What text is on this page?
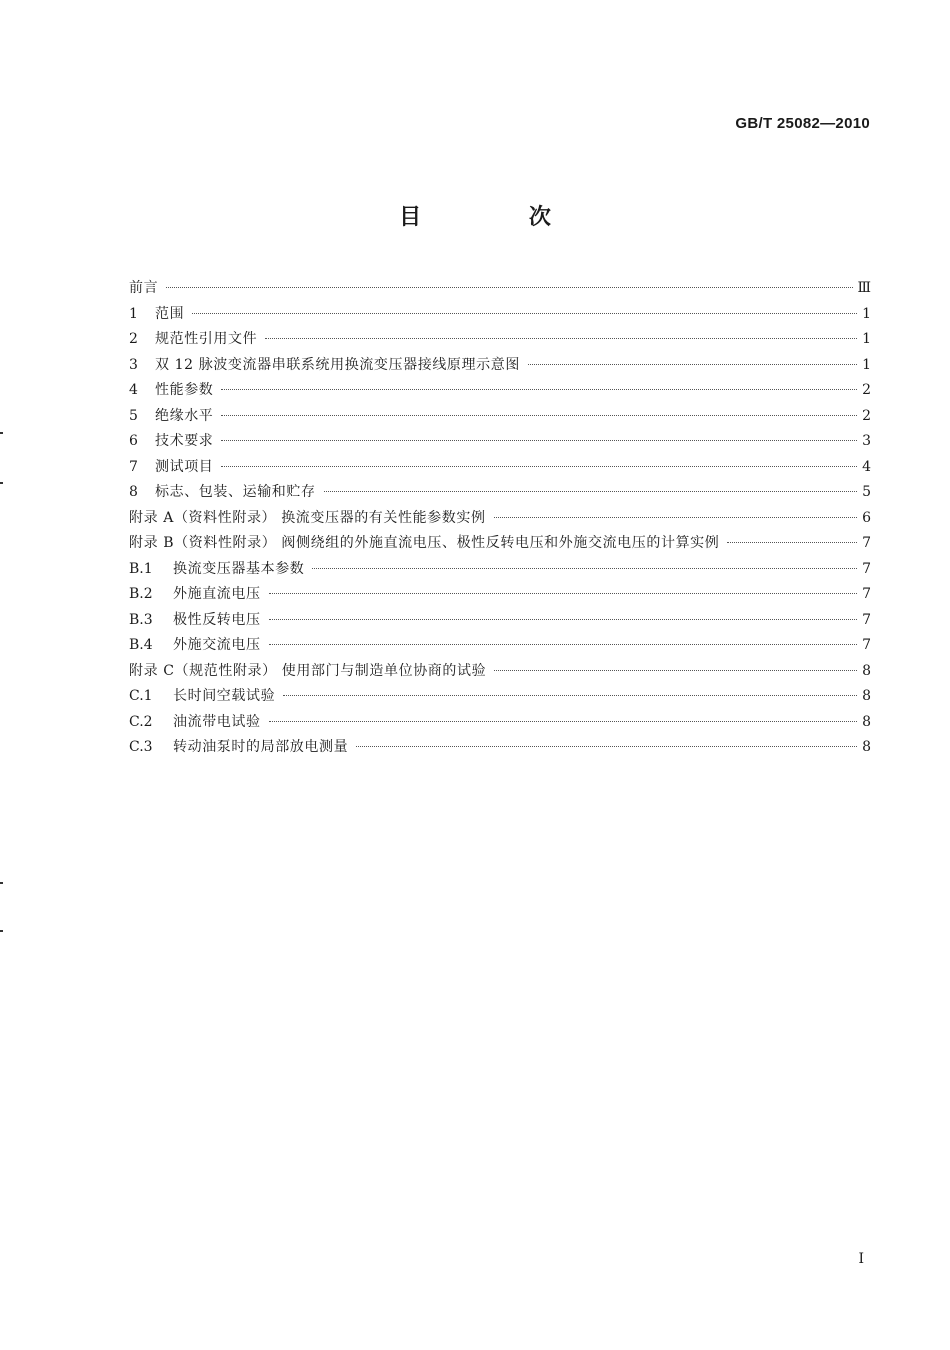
GB/T 25082—2010
目 次
前言	Ⅲ
1	范围	1
2	规范性引用文件	1
3	双 12 脉波变流器串联系统用换流变压器接线原理示意图	1
4	性能参数	2
5	绝缘水平	2
6	技术要求	3
7	测试项目	4
8	标志、包装、运输和贮存	5
附录 A（资料性附录） 换流变压器的有关性能参数实例	6
附录 B（资料性附录） 阀侧绕组的外施直流电压、极性反转电压和外施交流电压的计算实例	7
B.1	换流变压器基本参数	7
B.2	外施直流电压	7
B.3	极性反转电压	7
B.4	外施交流电压	7
附录 C（规范性附录） 使用部门与制造单位协商的试验	8
C.1	长时间空载试验	8
C.2	油流带电试验	8
C.3	转动油泵时的局部放电测量	8
I
